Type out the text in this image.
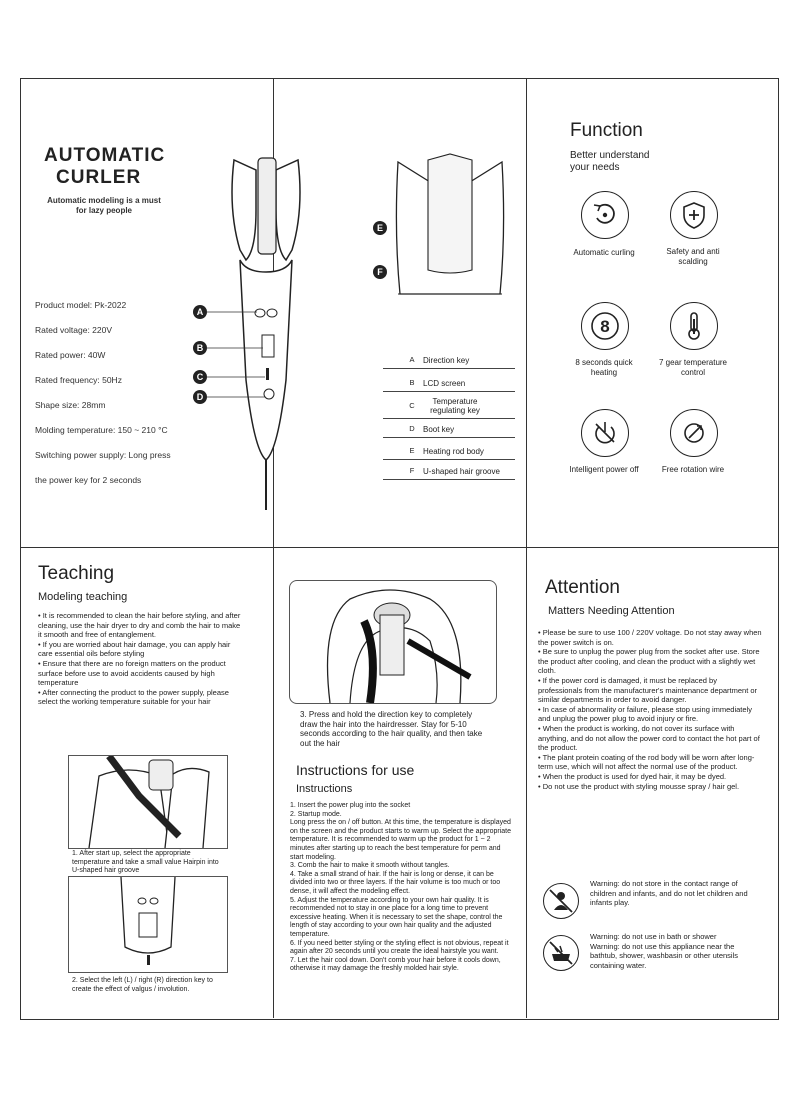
AUTOMATIC
CURLER
Automatic modeling is a must for lazy people
Product model: Pk-2022
Rated voltage: 220V
Rated power: 40W
Rated frequency: 50Hz
Shape size: 28mm
Molding temperature: 150 ~ 210 °C
Switching power supply: Long press
the power key for 2 seconds
A
B
C
D
E
F
A	Direction key
B	LCD screen
C	Temperature regulating key
D Boot key
E	Heating rod body
F	U-shaped hair groove
Function
Better understand your needs
Automatic curling	Safety and anti scalding
8
8 seconds quick heating
7 gear temperature control
Intelligent power off	Free rotation wire
Teaching
Modeling teaching
• It is recommended to clean the hair before styling, and after cleaning, use the hair dryer to dry and comb the hair to make it smooth and free of entanglement.
• If you are worried about hair damage, you can apply hair care essential oils before styling
• Ensure that there are no foreign matters on the product surface before use to avoid accidents caused by high temperature
• After connecting the product to the power supply, please select the working temperature suitable for your hair
1. After start up, select the appropriate temperature and take a small value Hairpin into U-shaped hair groove
2. Select the left (L) / right (R) direction key to create the effect of valgus / involution.
3. Press and hold the direction key to completely draw the hair into the hairdresser. Stay for 5-10 seconds according to the hair quality, and then take out the hair
Instructions for use
Instructions
1. Insert the power plug into the socket
2. Startup mode.
Long press the on / off button. At this time, the temperature is displayed on the screen and the product starts to warm up. Select the appropriate temperature. It is recommended to warm up the product for 1 ~ 2 minutes after starting up to reach the best temperature for perm and start modeling.
3. Comb the hair to make it smooth without tangles.
4. Take a small strand of hair. If the hair is long or dense, it can be divided into two or three layers. If the hair volume is too much or too dense, it will affect the modeling effect.
5. Adjust the temperature according to your own hair quality. It is recommended not to stay in one place for a long time to prevent excessive heating. When it is necessary to set the shape, control the length of stay according to your own hair quality and the adjusted temperature.
6. If you need better styling or the styling effect is not obvious, repeat it again after 20 seconds until you create the ideal hairstyle you want.
7. Let the hair cool down. Don't comb your hair before it cools down, otherwise it may damage the freshly molded hair style.
Attention
Matters Needing Attention
• Please be sure to use 100 / 220V voltage. Do not stay away when the power switch is on.
• Be sure to unplug the power plug from the socket after use. Store the product after cooling, and clean the product with a slightly wet cloth.
• If the power cord is damaged, it must be replaced by professionals from the manufacturer's maintenance department or similar departments in order to avoid danger.
• In case of abnormality or failure, please stop using immediately and unplug the power plug to avoid injury or fire.
• When the product is working, do not cover its surface with anything, and do not allow the power cord to contact the hot part of the product.
• The plant protein coating of the rod body will be worn after long-term use, which will not affect the normal use of the product.
• When the product is used for dyed hair, it may be dyed.
• Do not use the product with styling mousse spray / hair gel.
Warning: do not store in the contact range of children and infants, and do not let children and infants play.
Warning: do not use in bath or shower
Warning: do not use this appliance near the bathtub, shower, washbasin or other utensils containing water.
